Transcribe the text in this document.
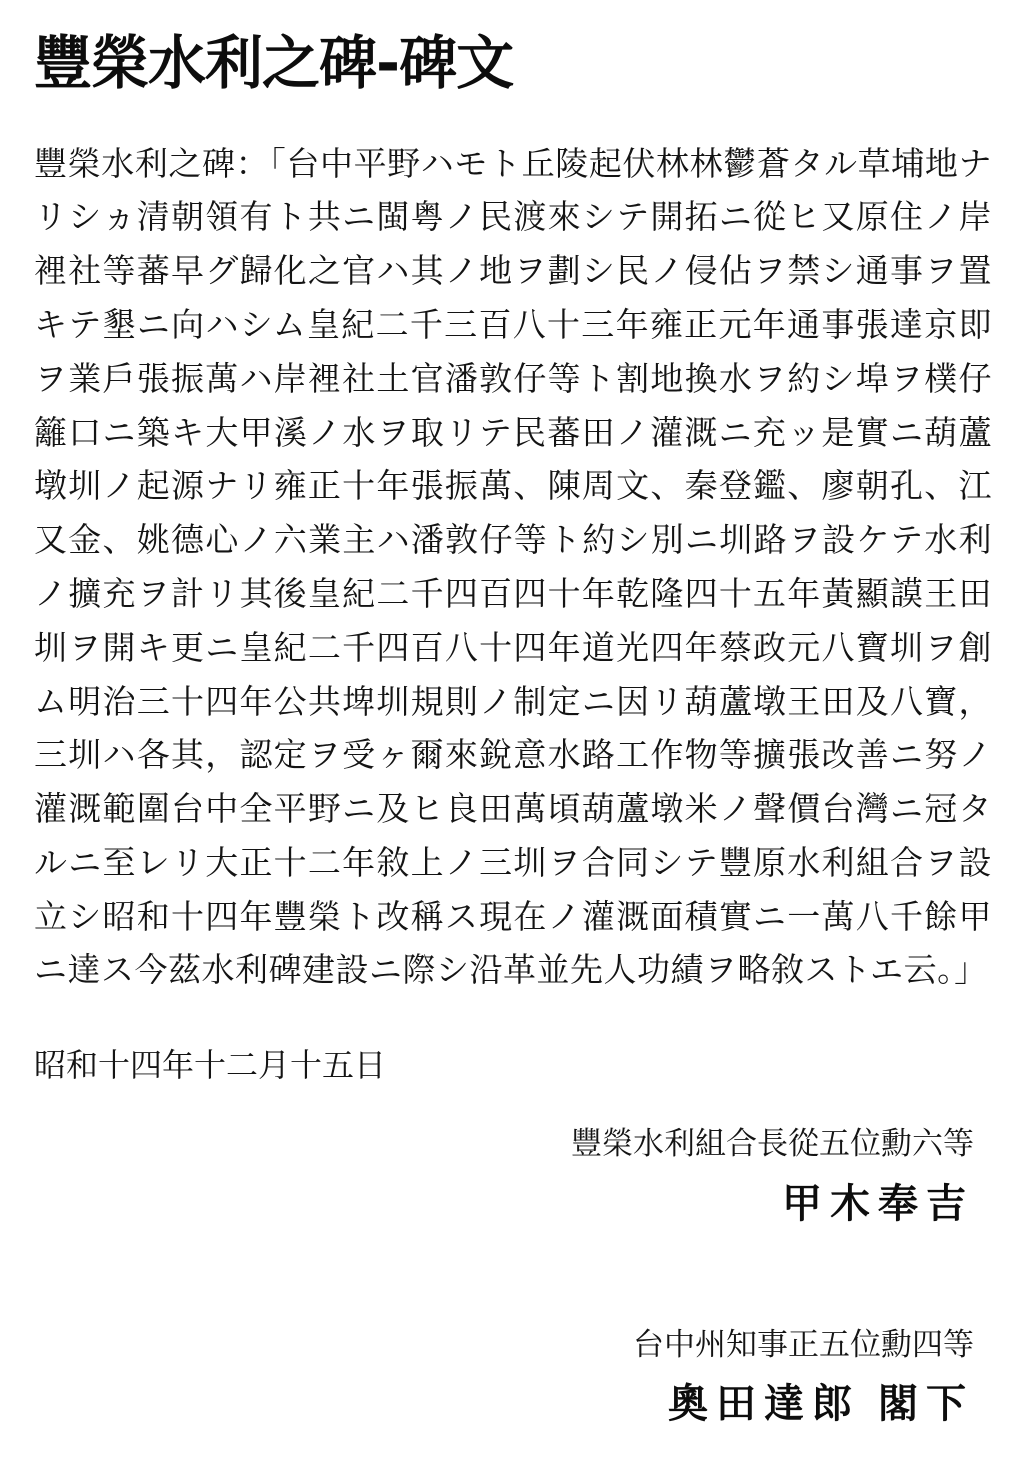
豐榮水利之碑-碑文

豐榮水利之碑：「台中平野ハモト丘陵起伏林林鬱蒼タル草埔地ナリシヵ清朝領有ト共ニ閩粤ノ民渡來シテ開拓ニ從ヒ又原住ノ岸裡社等蕃早グ歸化之官ハ其ノ地ヲ劃シ民ノ侵佔ヲ禁シ通事ヲ置キテ墾ニ向ハシム皇紀二千三百八十三年雍正元年通事張達京即ヲ業戶張振萬ハ岸裡社土官潘敦仔等ト割地換水ヲ約シ埠ヲ樸仔籬口ニ築キ大甲溪ノ水ヲ取リテ民蕃田ノ灌溉ニ充ッ是實ニ葫蘆墩圳ノ起源ナリ雍正十年張振萬、陳周文、秦登鑑、廖朝孔、江又金、姚德心ノ六業主ハ潘敦仔等ト約シ別ニ圳路ヲ設ケテ水利ノ擴充ヲ計リ其後皇紀二千四百四十年乾隆四十五年黃顯謨王田圳ヲ開キ更ニ皇紀二千四百八十四年道光四年蔡政元八寶圳ヲ創ム明治三十四年公共埤圳規則ノ制定ニ因リ葫蘆墩王田及八寶，三圳ハ各其，認定ヲ受ヶ爾來銳意水路工作物等擴張改善ニ努ノ灌溉範圍台中全平野ニ及ヒ良田萬頃葫蘆墩米ノ聲價台灣ニ冠タルニ至レリ大正十二年敘上ノ三圳ヲ合同シテ豐原水利組合ヲ設立シ昭和十四年豐榮ト改稱ス現在ノ灌溉面積實ニ一萬八千餘甲ニ達ス今茲水利碑建設ニ際シ沿革並先人功績ヲ略敘ストエ云。」

昭和十四年十二月十五日

豐榮水利組合長從五位勳六等
甲木奉吉
台中州知事正五位勳四等
奧田達郎 閣下
